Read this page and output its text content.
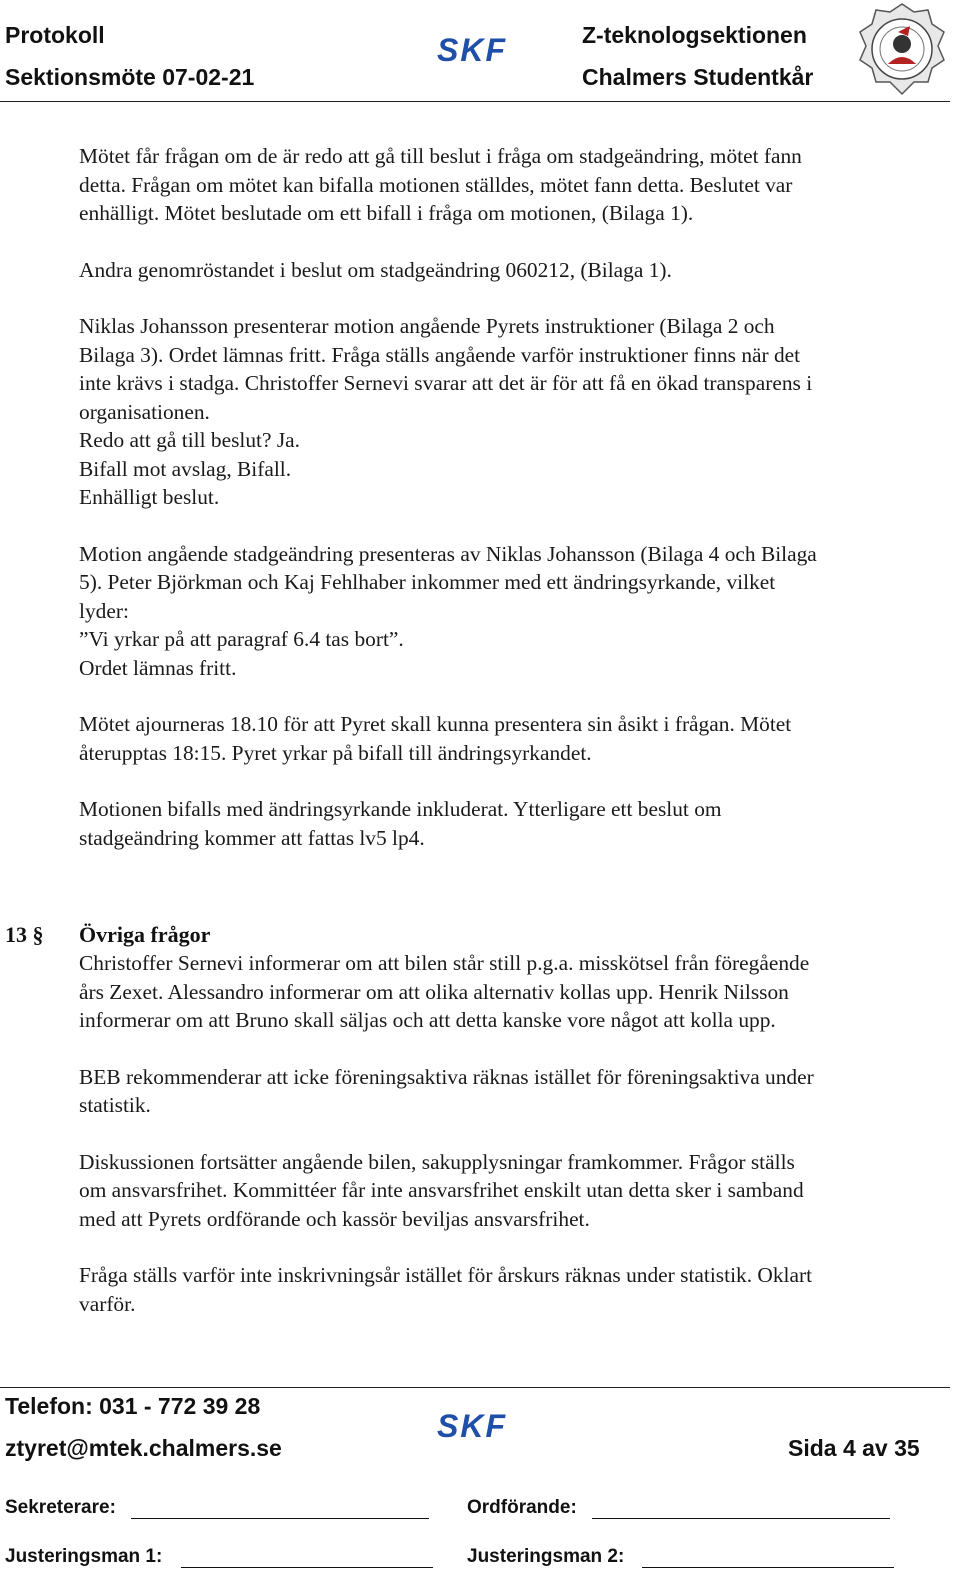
Protokoll
Sektionsmöte 07-02-21
SKF	Z-teknologsektionen
Chalmers Studentkår

Mötet får frågan om de är redo att gå till beslut i fråga om stadgeändring, mötet fann
detta. Frågan om mötet kan bifalla motionen ställdes, mötet fann detta. Beslutet var
enhälligt. Mötet beslutade om ett bifall i fråga om motionen, (Bilaga 1).

Andra genomröstandet i beslut om stadgeändring 060212, (Bilaga 1).

Niklas Johansson presenterar motion angående Pyrets instruktioner (Bilaga 2 och
Bilaga 3). Ordet lämnas fritt. Fråga ställs angående varför instruktioner finns när det
inte krävs i stadga. Christoffer Sernevi svarar att det är för att få en ökad transparens i
organisationen.
Redo att gå till beslut? Ja.
Bifall mot avslag, Bifall.
Enhälligt beslut.

Motion angående stadgeändring presenteras av Niklas Johansson (Bilaga 4 och Bilaga
5). Peter Björkman och Kaj Fehlhaber inkommer med ett ändringsyrkande, vilket
lyder:
”Vi yrkar på att paragraf 6.4 tas bort”.
Ordet lämnas fritt.

Mötet ajourneras 18.10 för att Pyret skall kunna presentera sin åsikt i frågan. Mötet
återupptas 18:15. Pyret yrkar på bifall till ändringsyrkandet.

Motionen bifalls med ändringsyrkande inkluderat. Ytterligare ett beslut om
stadgeändring kommer att fattas lv5 lp4.

13 § Övriga frågor

Christoffer Sernevi informerar om att bilen står still p.g.a. misskötsel från föregående
års Zexet. Alessandro informerar om att olika alternativ kollas upp. Henrik Nilsson
informerar om att Bruno skall säljas och att detta kanske vore något att kolla upp.

BEB rekommenderar att icke föreningsaktiva räknas istället för föreningsaktiva under
statistik.

Diskussionen fortsätter angående bilen, sakupplysningar framkommer. Frågor ställs
om ansvarsfrihet. Kommittéer får inte ansvarsfrihet enskilt utan detta sker i samband
med att Pyrets ordförande och kassör beviljas ansvarsfrihet.

Fråga ställs varför inte inskrivningsår istället för årskurs räknas under statistik. Oklart
varför.

Telefon: 031 - 772 39 28
ztyret@mtek.chalmers.se
SKF
Sida 4 av 35
Sekreterare:	Ordförande:
Justeringsman 1:	Justeringsman 2:
